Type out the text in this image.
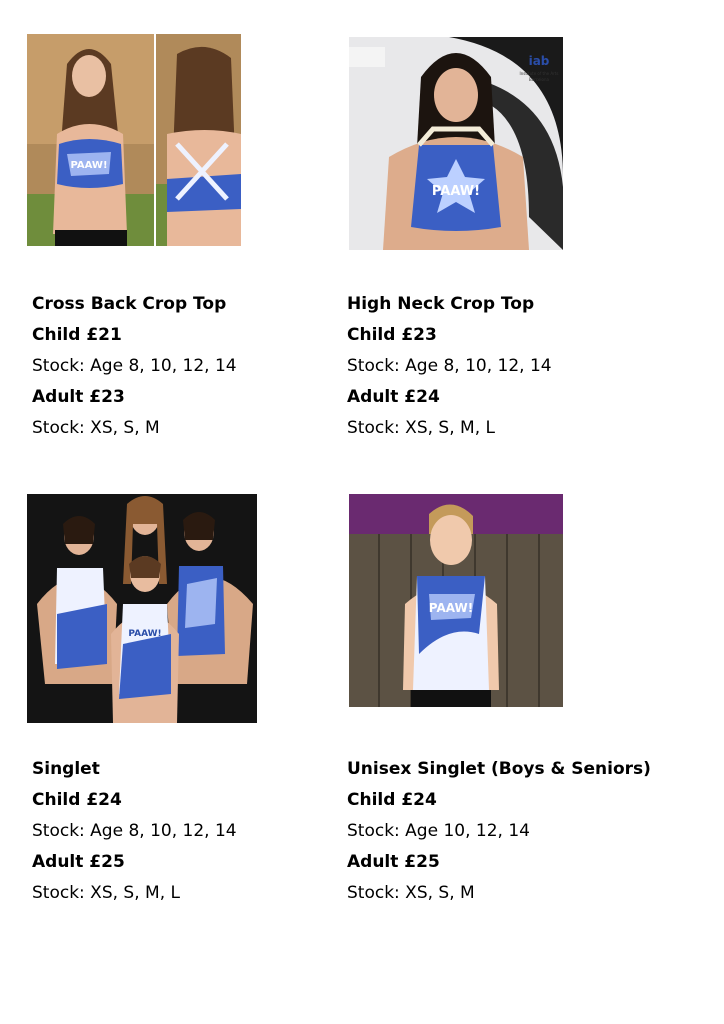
PAAW!
iab
Institute of the Arts
Barcelona
PAAW!
PAAW!
PAAW!
Cross Back Crop Top
Child £21
Stock: Age 8, 10, 12, 14
Adult £23
Stock: XS, S, M
High Neck Crop Top
Child £23
Stock: Age 8, 10, 12, 14
Adult £24
Stock: XS, S, M, L
Singlet
Child £24
Stock: Age 8, 10, 12, 14
Adult £25
Stock: XS, S, M, L
Unisex Singlet (Boys & Seniors)
Child £24
Stock: Age 10, 12, 14
Adult £25
Stock: XS, S, M
